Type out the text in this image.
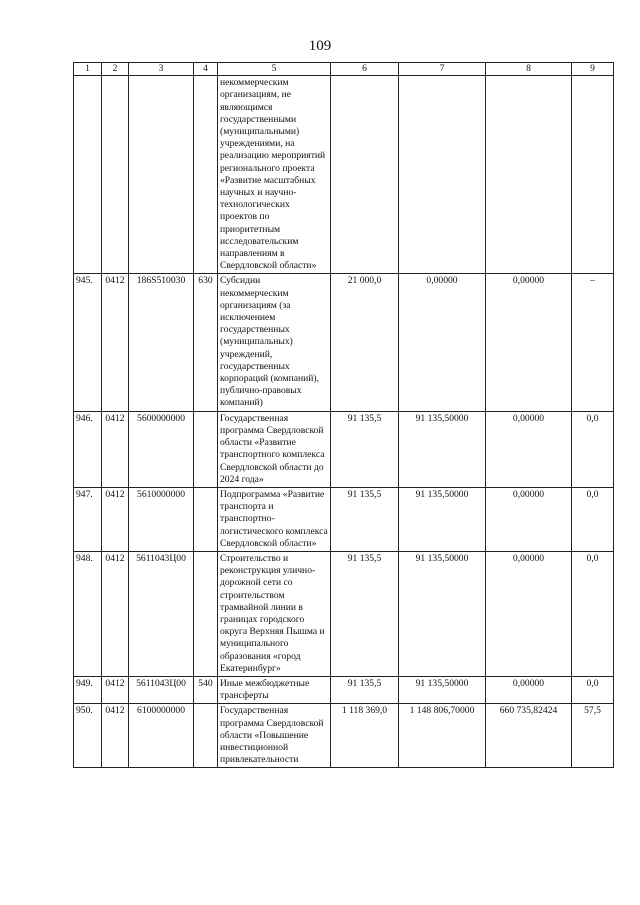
109
1	2	3	4	5	6	7	8	9
				некоммерческим организациям, не являющимся государственными (муниципальными) учреждениями, на реализацию мероприятий регионального проекта «Развитие масштабных научных и научно-технологических проектов по приоритетным исследовательским направлениям в Свердловской области»				
945.	0412	186S510030	630	Субсидии некоммерческим организациям (за исключением государственных (муниципальных) учреждений, государственных корпораций (компаний), публично-правовых компаний)	21 000,0	0,00000	0,00000	–
946.	0412	5600000000		Государственная программа Свердловской области «Развитие транспортного комплекса Свердловской области до 2024 года»	91 135,5	91 135,50000	0,00000	0,0
947.	0412	5610000000		Подпрограмма «Развитие транспорта и транспортно-логистического комплекса Свердловской области»	91 135,5	91 135,50000	0,00000	0,0
948.	0412	5611043Ц00		Строительство и реконструкция улично-дорожной сети со строительством трамвайной линии в границах городского округа Верхняя Пышма и муниципального образования «город Екатеринбург»	91 135,5	91 135,50000	0,00000	0,0
949.	0412	5611043Ц00	540	Иные межбюджетные трансферты	91 135,5	91 135,50000	0,00000	0,0
950.	0412	6100000000		Государственная программа Свердловской области «Повышение инвестиционной привлекательности	1 118 369,0	1 148 806,70000	660 735,82424	57,5
